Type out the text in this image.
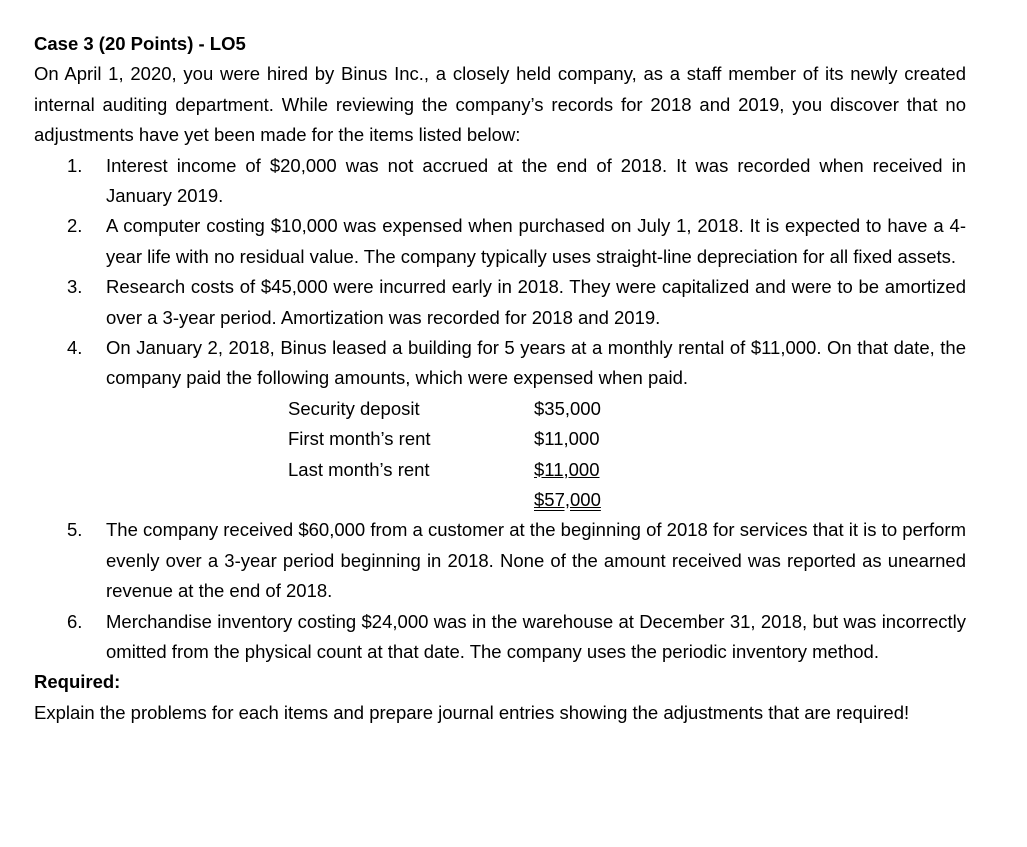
Case 3 (20 Points) - LO5

On April 1, 2020, you were hired by Binus Inc., a closely held company, as a staff member of its newly created internal auditing department. While reviewing the company’s records for 2018 and 2019, you discover that no adjustments have yet been made for the items listed below:

1. Interest income of $20,000 was not accrued at the end of 2018. It was recorded when received in January 2019.
2. A computer costing $10,000 was expensed when purchased on July 1, 2018. It is expected to have a 4-year life with no residual value. The company typically uses straight-line depreciation for all fixed assets.
3. Research costs of $45,000 were incurred early in 2018. They were capitalized and were to be amortized over a 3-year period. Amortization was recorded for 2018 and 2019.
4. On January 2, 2018, Binus leased a building for 5 years at a monthly rental of $11,000. On that date, the company paid the following amounts, which were expensed when paid.
Security deposit	$35,000
First month’s rent	$11,000
Last month’s rent	$11,000
$57,000
5. The company received $60,000 from a customer at the beginning of 2018 for services that it is to perform evenly over a 3-year period beginning in 2018. None of the amount received was reported as unearned revenue at the end of 2018.
6. Merchandise inventory costing $24,000 was in the warehouse at December 31, 2018, but was incorrectly omitted from the physical count at that date. The company uses the periodic inventory method.

Required:

Explain the problems for each items and prepare journal entries showing the adjustments that are required!
